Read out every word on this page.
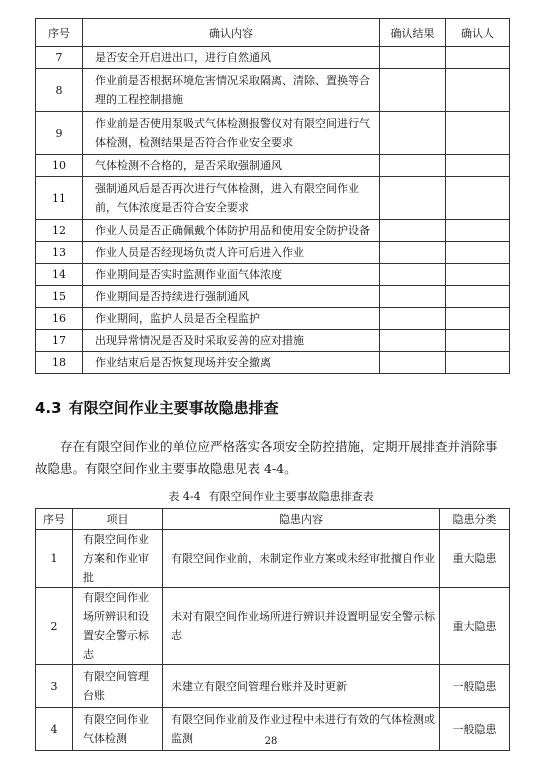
序号	确认内容	确认结果	确认人
7	是否安全开启进出口，进行自然通风		
8	作业前是否根据环境危害情况采取隔离、清除、置换等合理的工程控制措施		
9	作业前是否使用泵吸式气体检测报警仪对有限空间进行气体检测，检测结果是否符合作业安全要求		
10	气体检测不合格的，是否采取强制通风		
11	强制通风后是否再次进行气体检测，进入有限空间作业前，气体浓度是否符合安全要求		
12	作业人员是否正确佩戴个体防护用品和使用安全防护设备		
13	作业人员是否经现场负责人许可后进入作业		
14	作业期间是否实时监测作业面气体浓度		
15	作业期间是否持续进行强制通风		
16	作业期间，监护人员是否全程监护		
17	出现异常情况是否及时采取妥善的应对措施		
18	作业结束后是否恢复现场并安全撤离		
4.3 有限空间作业主要事故隐患排查

存在有限空间作业的单位应严格落实各项安全防控措施，定期开展排查并消除事故隐患。有限空间作业主要事故隐患见表 4-4。

表 4-4 有限空间作业主要事故隐患排查表
序号	项目	隐患内容	隐患分类
1	有限空间作业方案和作业审批	有限空间作业前，未制定作业方案或未经审批擅自作业	重大隐患
2	有限空间作业场所辨识和设置安全警示标志	未对有限空间作业场所进行辨识并设置明显安全警示标志	重大隐患
3	有限空间管理台账	未建立有限空间管理台账并及时更新	一般隐患
4	有限空间作业气体检测	有限空间作业前及作业过程中未进行有效的气体检测或监测	一般隐患
28
